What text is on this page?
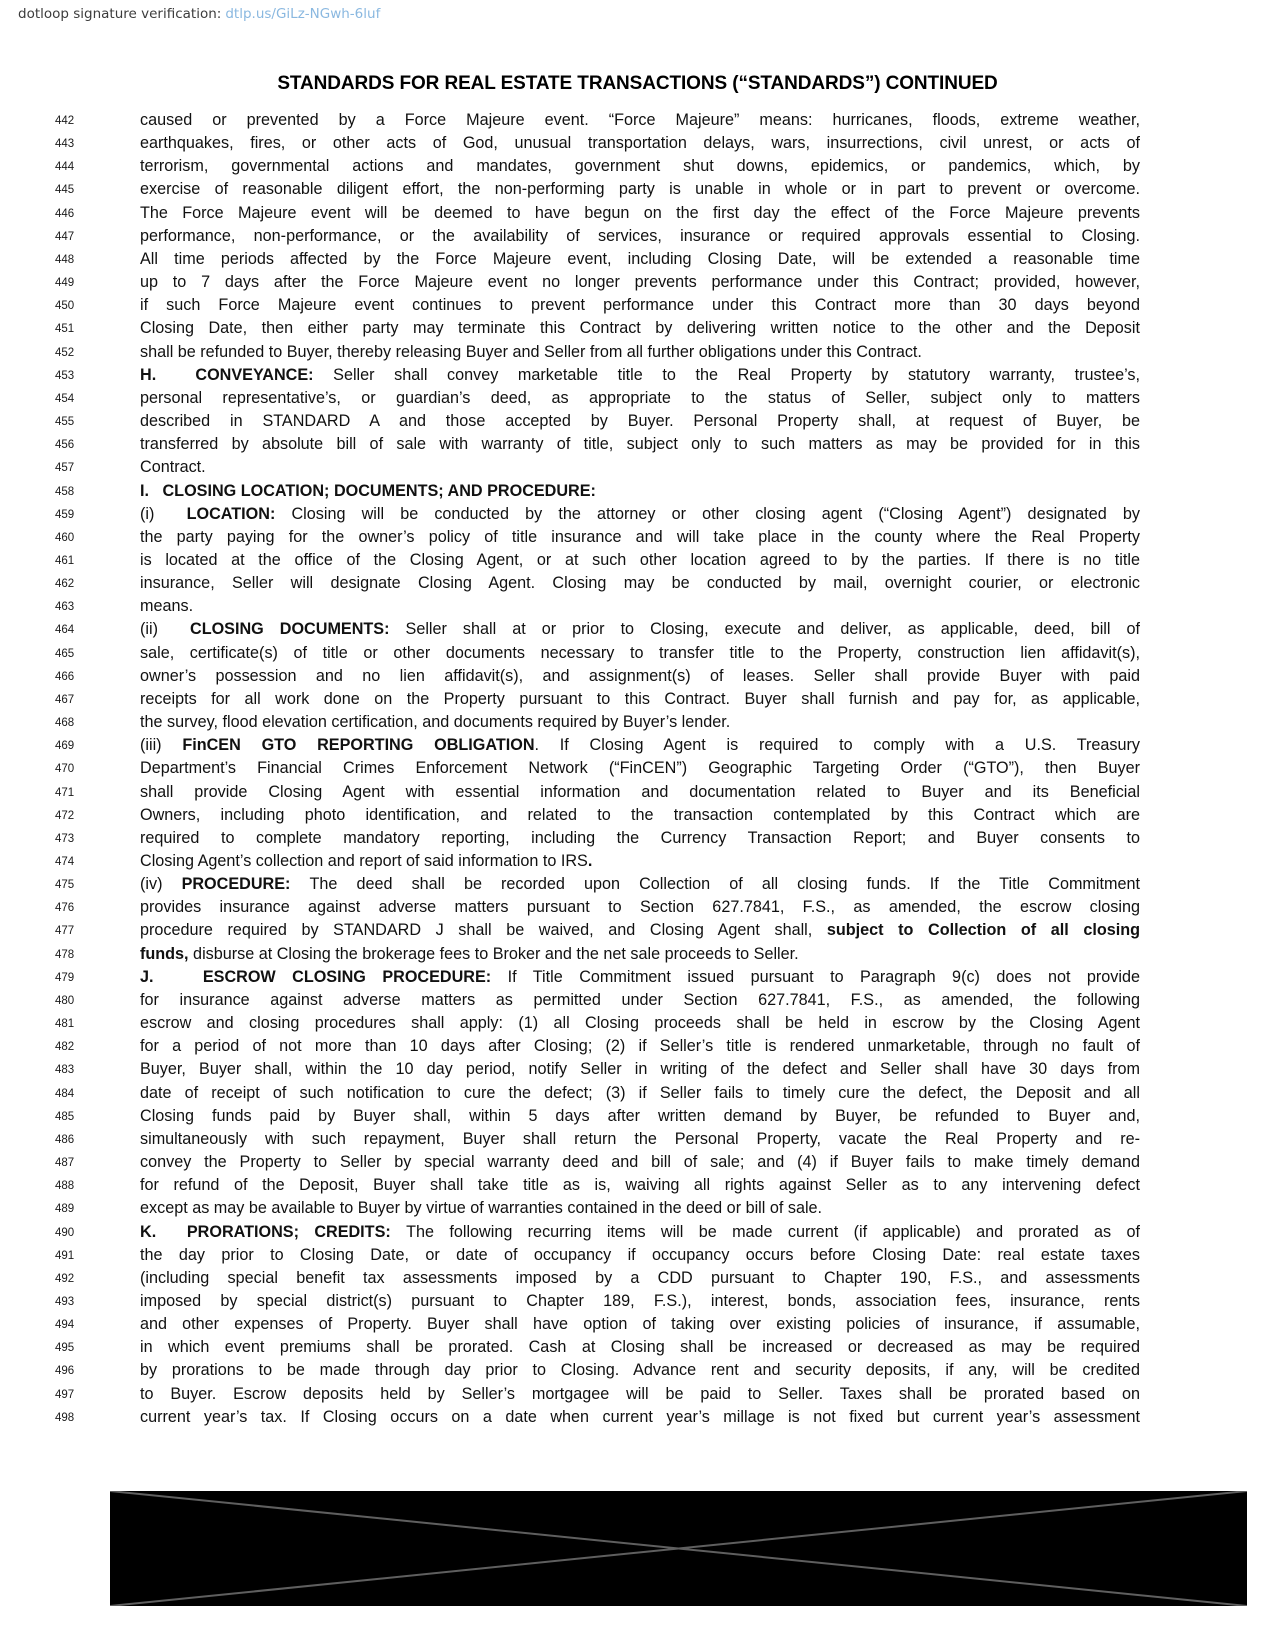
dotloop signature verification: dtlp.us/GiLz-NGwh-6luf
STANDARDS FOR REAL ESTATE TRANSACTIONS (“STANDARDS”) CONTINUED
442	caused or prevented by a Force Majeure event. “Force Majeure” means: hurricanes, floods, extreme weather,
443	earthquakes, fires, or other acts of God, unusual transportation delays, wars, insurrections, civil unrest, or acts of
444	terrorism, governmental actions and mandates, government shut downs, epidemics, or pandemics, which, by
445	exercise of reasonable diligent effort, the non-performing party is unable in whole or in part to prevent or overcome.
446	The Force Majeure event will be deemed to have begun on the first day the effect of the Force Majeure prevents
447	performance, non-performance, or the availability of services, insurance or required approvals essential to Closing.
448	All time periods affected by the Force Majeure event, including Closing Date, will be extended a reasonable time
449	up to 7 days after the Force Majeure event no longer prevents performance under this Contract; provided, however,
450	if such Force Majeure event continues to prevent performance under this Contract more than 30 days beyond
451	Closing Date, then either party may terminate this Contract by delivering written notice to the other and the Deposit
452	shall be refunded to Buyer, thereby releasing Buyer and Seller from all further obligations under this Contract.
453	H.  CONVEYANCE: Seller shall convey marketable title to the Real Property by statutory warranty, trustee’s,
454	personal representative’s, or guardian’s deed, as appropriate to the status of Seller, subject only to matters
455	described in STANDARD A and those accepted by Buyer. Personal Property shall, at request of Buyer, be
456	transferred by absolute bill of sale with warranty of title, subject only to such matters as may be provided for in this
457	Contract.
458	I.   CLOSING LOCATION; DOCUMENTS; AND PROCEDURE:
459	(i)  LOCATION: Closing will be conducted by the attorney or other closing agent (“Closing Agent”) designated by
460	the party paying for the owner’s policy of title insurance and will take place in the county where the Real Property
461	is located at the office of the Closing Agent, or at such other location agreed to by the parties. If there is no title
462	insurance, Seller will designate Closing Agent. Closing may be conducted by mail, overnight courier, or electronic
463	means.
464	(ii)  CLOSING DOCUMENTS: Seller shall at or prior to Closing, execute and deliver, as applicable, deed, bill of
465	sale, certificate(s) of title or other documents necessary to transfer title to the Property, construction lien affidavit(s),
466	owner’s possession and no lien affidavit(s), and assignment(s) of leases. Seller shall provide Buyer with paid
467	receipts for all work done on the Property pursuant to this Contract. Buyer shall furnish and pay for, as applicable,
468	the survey, flood elevation certification, and documents required by Buyer’s lender.
469	(iii) FinCEN GTO REPORTING OBLIGATION. If Closing Agent is required to comply with a U.S. Treasury
470	Department’s Financial Crimes Enforcement Network (“FinCEN”) Geographic Targeting Order (“GTO”), then Buyer
471	shall provide Closing Agent with essential information and documentation related to Buyer and its Beneficial
472	Owners, including photo identification, and related to the transaction contemplated by this Contract which are
473	required to complete mandatory reporting, including the Currency Transaction Report; and Buyer consents to
474	Closing Agent’s collection and report of said information to IRS.
475	(iv) PROCEDURE: The deed shall be recorded upon Collection of all closing funds. If the Title Commitment
476	provides insurance against adverse matters pursuant to Section 627.7841, F.S., as amended, the escrow closing
477	procedure required by STANDARD J shall be waived, and Closing Agent shall, subject to Collection of all closing
478	funds, disburse at Closing the brokerage fees to Broker and the net sale proceeds to Seller.
479	J.   ESCROW CLOSING PROCEDURE: If Title Commitment issued pursuant to Paragraph 9(c) does not provide
480	for insurance against adverse matters as permitted under Section 627.7841, F.S., as amended, the following
481	escrow and closing procedures shall apply: (1) all Closing proceeds shall be held in escrow by the Closing Agent
482	for a period of not more than 10 days after Closing; (2) if Seller’s title is rendered unmarketable, through no fault of
483	Buyer, Buyer shall, within the 10 day period, notify Seller in writing of the defect and Seller shall have 30 days from
484	date of receipt of such notification to cure the defect; (3) if Seller fails to timely cure the defect, the Deposit and all
485	Closing funds paid by Buyer shall, within 5 days after written demand by Buyer, be refunded to Buyer and,
486	simultaneously with such repayment, Buyer shall return the Personal Property, vacate the Real Property and re-
487	convey the Property to Seller by special warranty deed and bill of sale; and (4) if Buyer fails to make timely demand
488	for refund of the Deposit, Buyer shall take title as is, waiving all rights against Seller as to any intervening defect
489	except as may be available to Buyer by virtue of warranties contained in the deed or bill of sale.
490	K.  PRORATIONS; CREDITS: The following recurring items will be made current (if applicable) and prorated as of
491	the day prior to Closing Date, or date of occupancy if occupancy occurs before Closing Date: real estate taxes
492	(including special benefit tax assessments imposed by a CDD pursuant to Chapter 190, F.S., and assessments
493	imposed by special district(s) pursuant to Chapter 189, F.S.), interest, bonds, association fees, insurance, rents
494	and other expenses of Property. Buyer shall have option of taking over existing policies of insurance, if assumable,
495	in which event premiums shall be prorated. Cash at Closing shall be increased or decreased as may be required
496	by prorations to be made through day prior to Closing. Advance rent and security deposits, if any, will be credited
497	to Buyer. Escrow deposits held by Seller’s mortgagee will be paid to Seller. Taxes shall be prorated based on
498	current year’s tax. If Closing occurs on a date when current year’s millage is not fixed but current year’s assessment
